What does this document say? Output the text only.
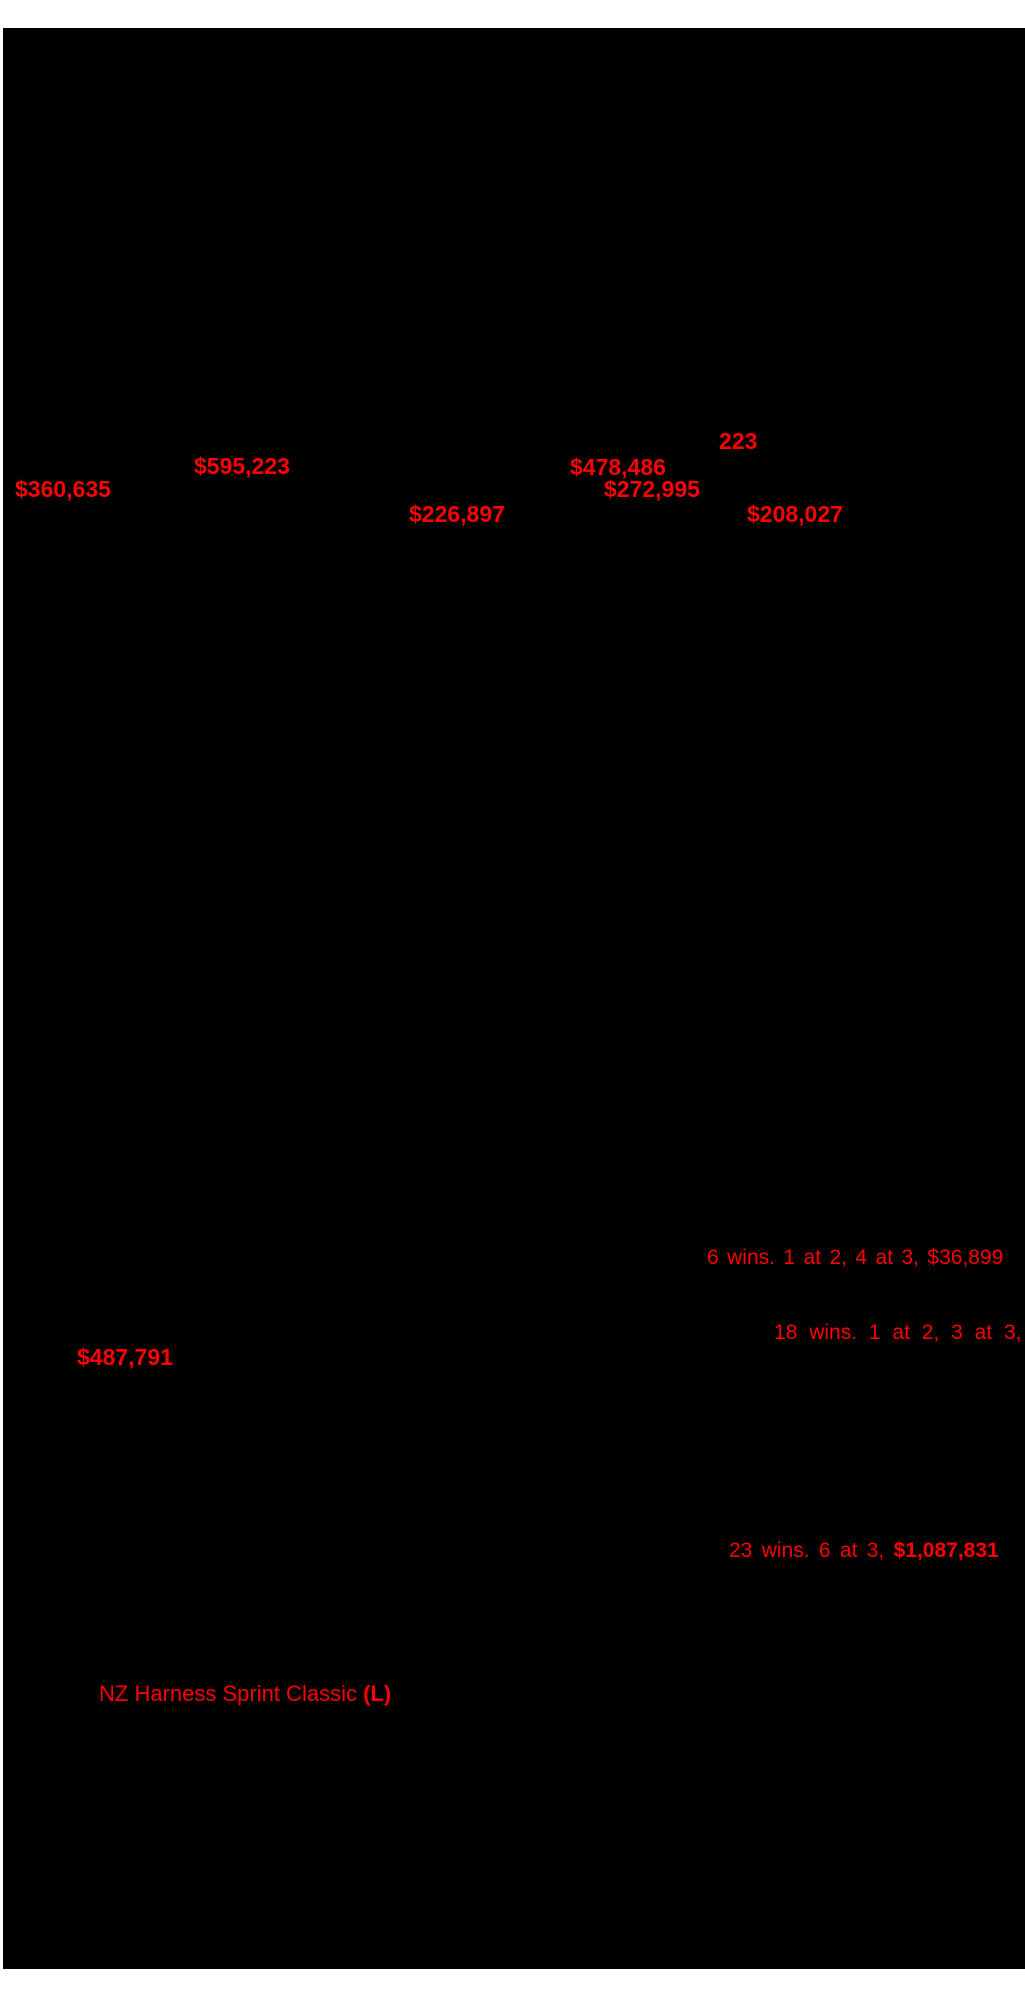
223
$595,223	$478,486
$360,635	$272,995
$226,897	$208,027
6 wins. 1 at 2, 4 at 3, $36,899
18 wins. 1 at 2, 3 at 3,
$487,791
23 wins. 6 at 3, $1,087,831
NZ Harness Sprint Classic (L)
